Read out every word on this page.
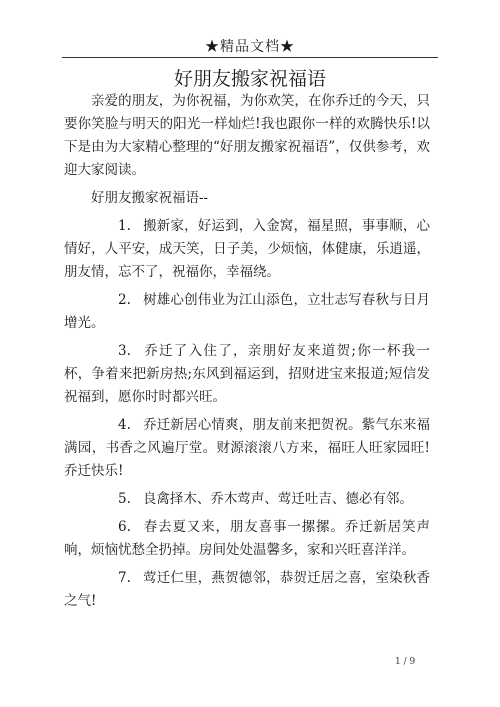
★精品文档★
好朋友搬家祝福语

亲爱的朋友，为你祝福，为你欢笑，在你乔迁的今天，只要你笑脸与明天的阳光一样灿烂!我也跟你一样的欢腾快乐!以下是由为大家精心整理的“好朋友搬家祝福语”，仅供参考，欢迎大家阅读。

好朋友搬家祝福语--

1. 搬新家，好运到，入金窝，福星照，事事顺，心情好，人平安，成天笑，日子美，少烦恼，体健康，乐逍遥，朋友情，忘不了，祝福你，幸福绕。

2. 树雄心创伟业为江山添色，立壮志写春秋与日月增光。

3. 乔迁了入住了，亲朋好友来道贺;你一杯我一杯，争着来把新房热;东风到福运到，招财进宝来报道;短信发祝福到，愿你时时都兴旺。

4. 乔迁新居心情爽，朋友前来把贺祝。紫气东来福满园，书香之风遍厅堂。财源滚滚八方来，福旺人旺家园旺!乔迁快乐!

5. 良禽择木、乔木莺声、莺迁吐吉、德必有邻。

6. 春去夏又来，朋友喜事一摞摞。乔迁新居笑声响，烦恼忧愁全扔掉。房间处处温馨多，家和兴旺喜洋洋。

7. 莺迁仁里，燕贺德邻，恭贺迁居之喜，室染秋香之气!

1 / 9
